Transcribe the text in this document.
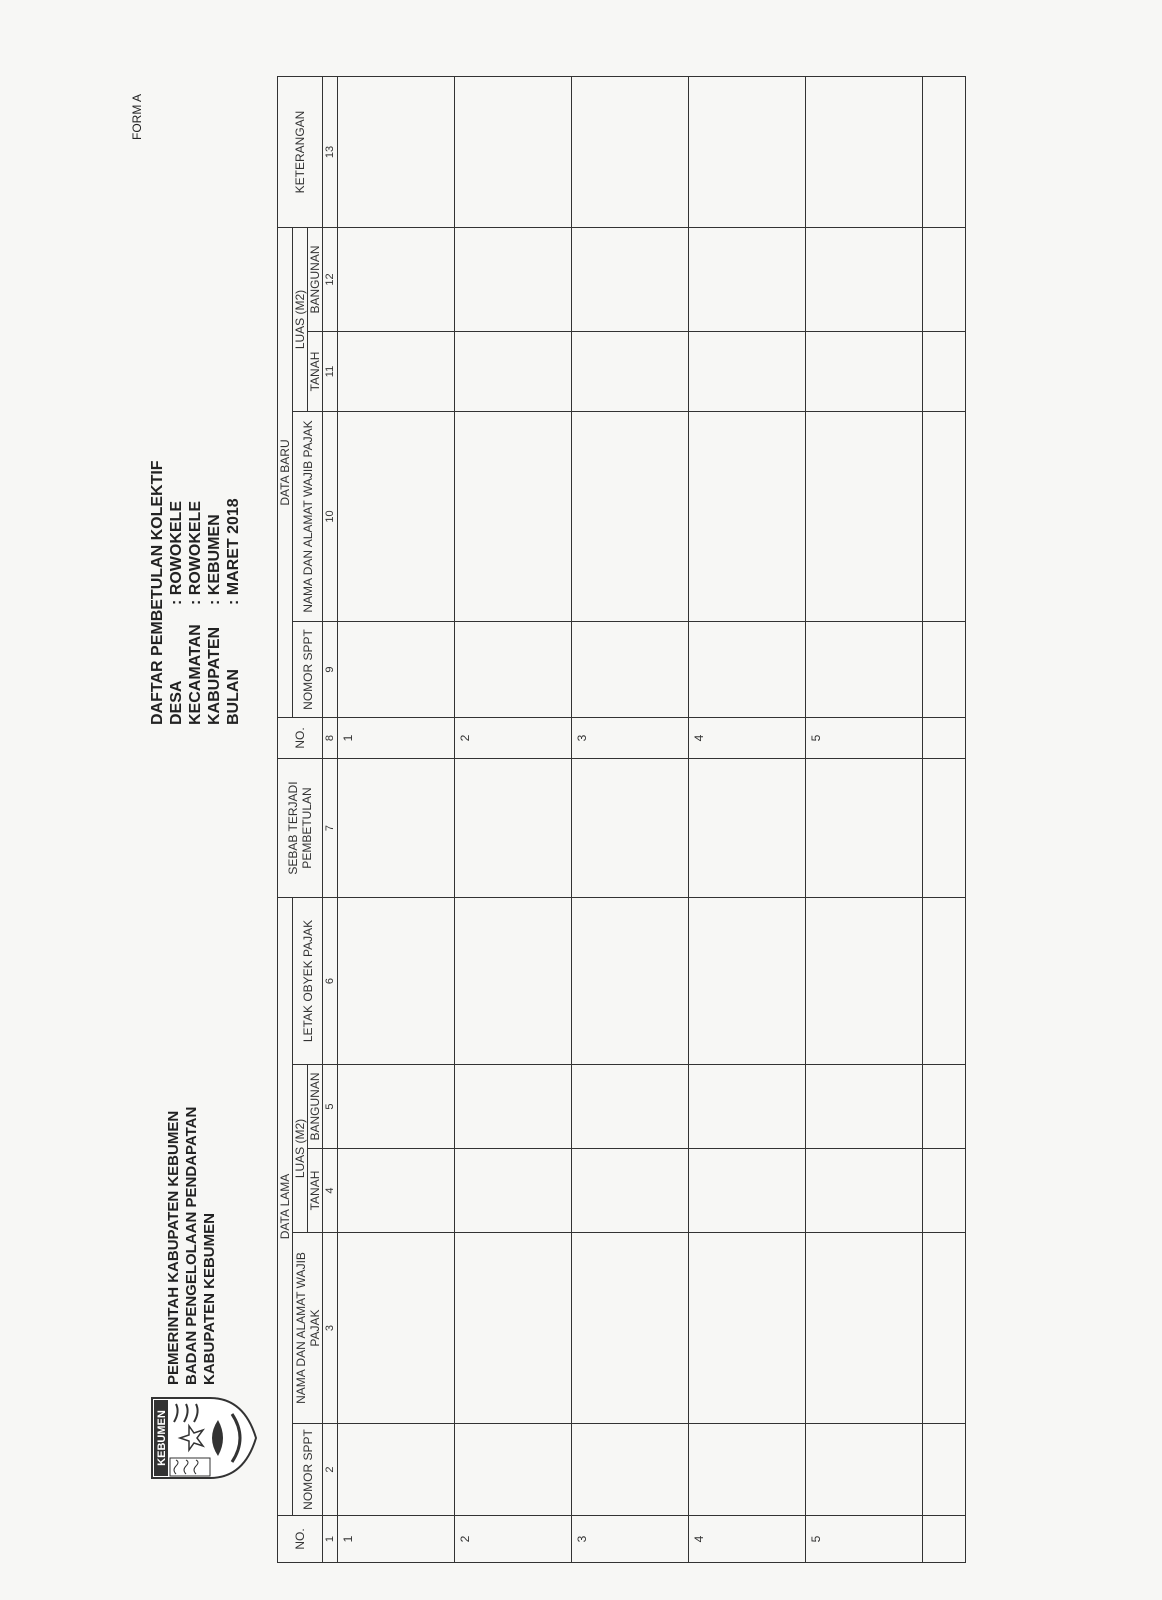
FORM A
KEBUMEN
PEMERINTAH KABUPATEN KEBUMEN BADAN PENGELOLAAN PENDAPATAN KABUPATEN KEBUMEN
DAFTAR PEMBETULAN KOLEKTIF DESA
: ROWOKELE
KECAMATAN
: ROWOKELE
KABUPATEN
: KEBUMEN
BULAN
: MARET 2018
NO.	DATA LAMA					SEBAB TERJADI PEMBETULAN	NO.	DATA BARU				KETERANGAN
	NOMOR SPPT	NAMA DAN ALAMAT WAJIB PAJAK	LUAS (M2)		LETAK OBYEK PAJAK			NOMOR SPPT	NAMA DAN ALAMAT WAJIB PAJAK	LUAS (M2)		
			TANAH	BANGUNAN						TANAH	BANGUNAN	
1	2	3	4	5	6	7	8	9	10	11	12	13
1							1					
2							2					
3							3					
4							4					
5							5					
